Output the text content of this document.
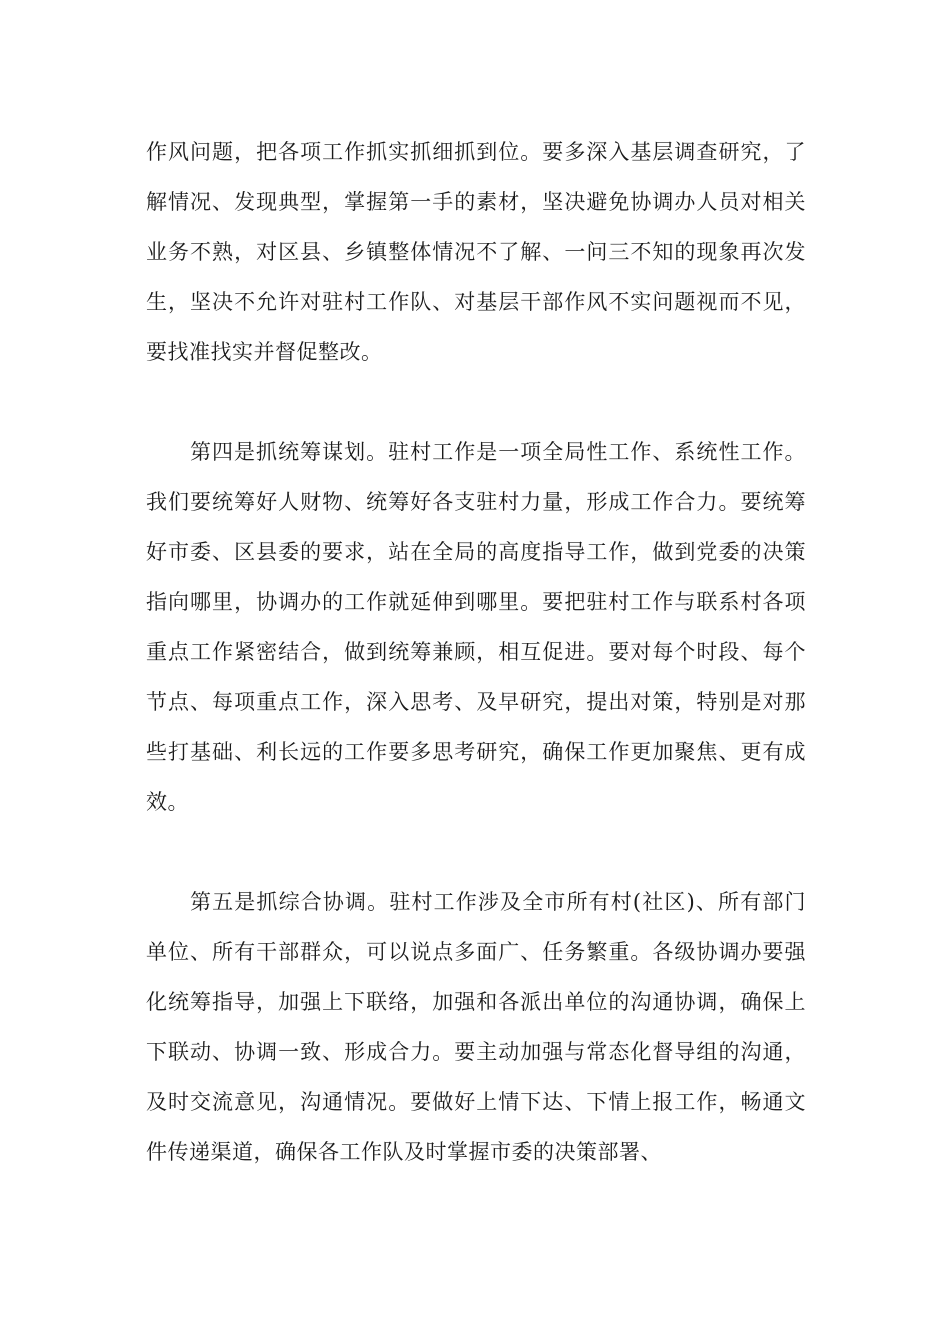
作风问题，把各项工作抓实抓细抓到位。要多深入基层调查研究，了解情况、发现典型，掌握第一手的素材，坚决避免协调办人员对相关业务不熟，对区县、乡镇整体情况不了解、一问三不知的现象再次发生，坚决不允许对驻村工作队、对基层干部作风不实问题视而不见，要找准找实并督促整改。

第四是抓统筹谋划。驻村工作是一项全局性工作、系统性工作。我们要统筹好人财物、统筹好各支驻村力量，形成工作合力。要统筹好市委、区县委的要求，站在全局的高度指导工作，做到党委的决策指向哪里，协调办的工作就延伸到哪里。要把驻村工作与联系村各项重点工作紧密结合，做到统筹兼顾，相互促进。要对每个时段、每个节点、每项重点工作，深入思考、及早研究，提出对策，特别是对那些打基础、利长远的工作要多思考研究，确保工作更加聚焦、更有成效。

第五是抓综合协调。驻村工作涉及全市所有村(社区)、所有部门单位、所有干部群众，可以说点多面广、任务繁重。各级协调办要强化统筹指导，加强上下联络，加强和各派出单位的沟通协调，确保上下联动、协调一致、形成合力。要主动加强与常态化督导组的沟通，及时交流意见，沟通情况。要做好上情下达、下情上报工作，畅通文件传递渠道，确保各工作队及时掌握市委的决策部署、
